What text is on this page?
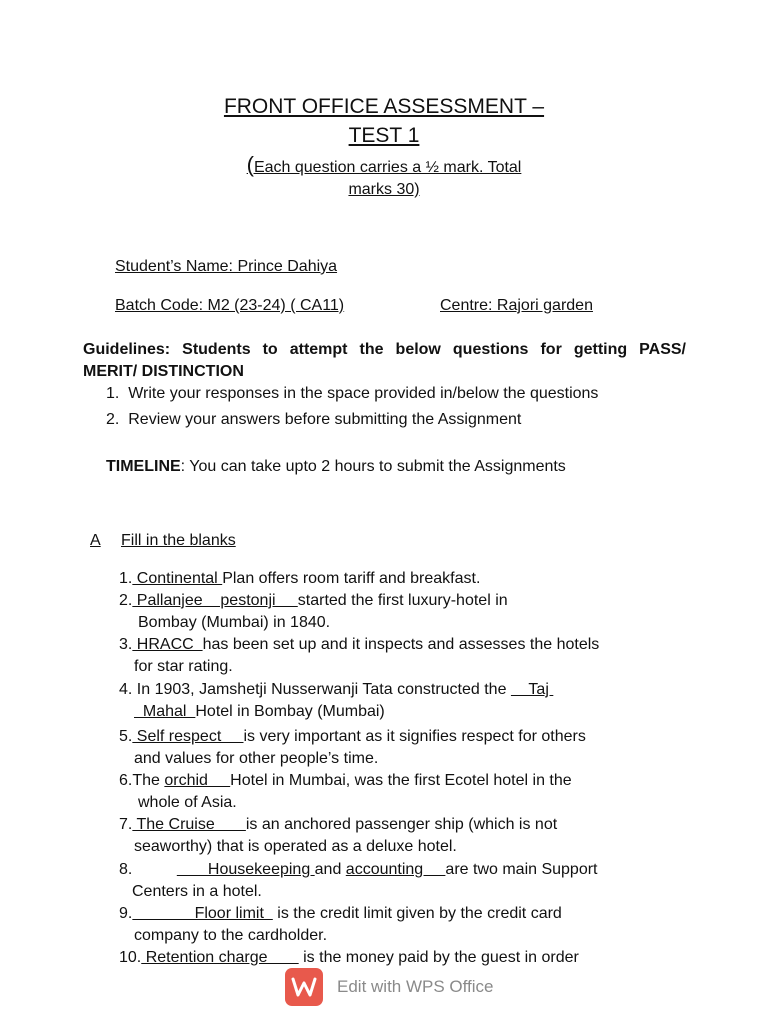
FRONT OFFICE ASSESSMENT –
TEST 1
(Each question carries a ½ mark. Total
marks 30)
Student’s Name: Prince Dahiya
Batch Code: M2 (23-24) ( CA11)	Centre: Rajori garden
Guidelines: Students to attempt the below questions for getting PASS/
MERIT/ DISTINCTION
1.  Write your responses in the space provided in/below the questions
2.  Review your answers before submitting the Assignment
TIMELINE: You can take upto 2 hours to submit the Assignments
A Fill in the blanks
1. Continental Plan offers room tariff and breakfast.
2. Pallanjee    pestonji     started the first luxury-hotel in
Bombay (Mumbai) in 1840.
3. HRACC  has been set up and it inspects and assesses the hotels
for star rating.
4. In 1903, Jamshetji Nusserwanji Tata constructed the     Taj
Mahal  Hotel in Bombay (Mumbai)
5. Self respect     is very important as it signifies respect for others
and values for other people’s time.
6.The orchid     Hotel in Mumbai, was the first Ecotel hotel in the
whole of Asia.
7. The Cruise       is an anchored passenger ship (which is not
seaworthy) that is operated as a deluxe hotel.
8.	Housekeeping and accounting     are two main Support
Centers in a hotel.
9.              Floor limit   is the credit limit given by the credit card
company to the cardholder.
10. Retention charge        is the money paid by the guest in order
Edit with WPS Office
